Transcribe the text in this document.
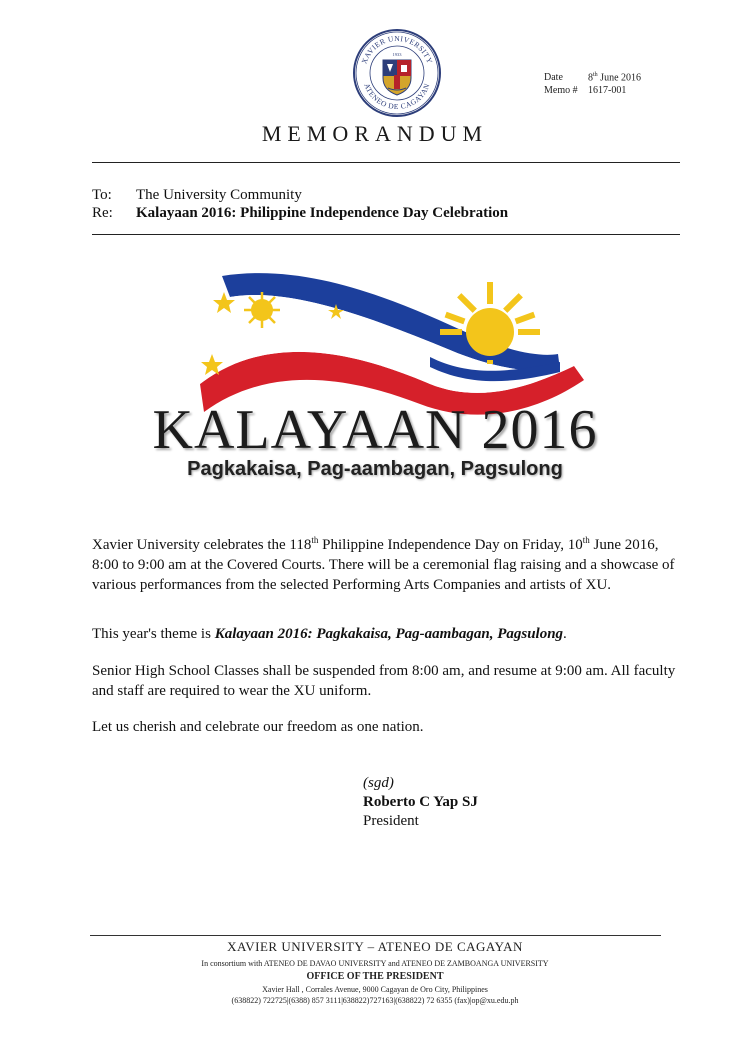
XAVIER UNIVERSITY
ATENEO DE CAGAYAN
1933
Date	8th June 2016
Memo # 1617-001
MEMORANDUM
To: The University Community
Re: Kalayaan 2016: Philippine Independence Day Celebration
KALAYAAN 2016
Pagkakaisa, Pag-aambagan, Pagsulong

Xavier University celebrates the 118th Philippine Independence Day on Friday, 10th June 2016, 8:00 to 9:00 am at the Covered Courts. There will be a ceremonial flag raising and a showcase of various performances from the selected Performing Arts Companies and artists of XU.

This year's theme is Kalayaan 2016: Pagkakaisa, Pag-aambagan, Pagsulong.

Senior High School Classes shall be suspended from 8:00 am, and resume at 9:00 am. All faculty and staff are required to wear the XU uniform.

Let us cherish and celebrate our freedom as one nation.

(sgd)
Roberto C Yap SJ
President
XAVIER UNIVERSITY – ATENEO DE CAGAYAN
In consortium with ATENEO DE DAVAO UNIVERSITY and ATENEO DE ZAMBOANGA UNIVERSITY
OFFICE OF THE PRESIDENT
Xavier Hall , Corrales Avenue, 9000 Cagayan de Oro City, Philippines
(638822) 722725|(6388) 857 3111|638822)727163|(638822) 72 6355 (fax)|op@xu.edu.ph
